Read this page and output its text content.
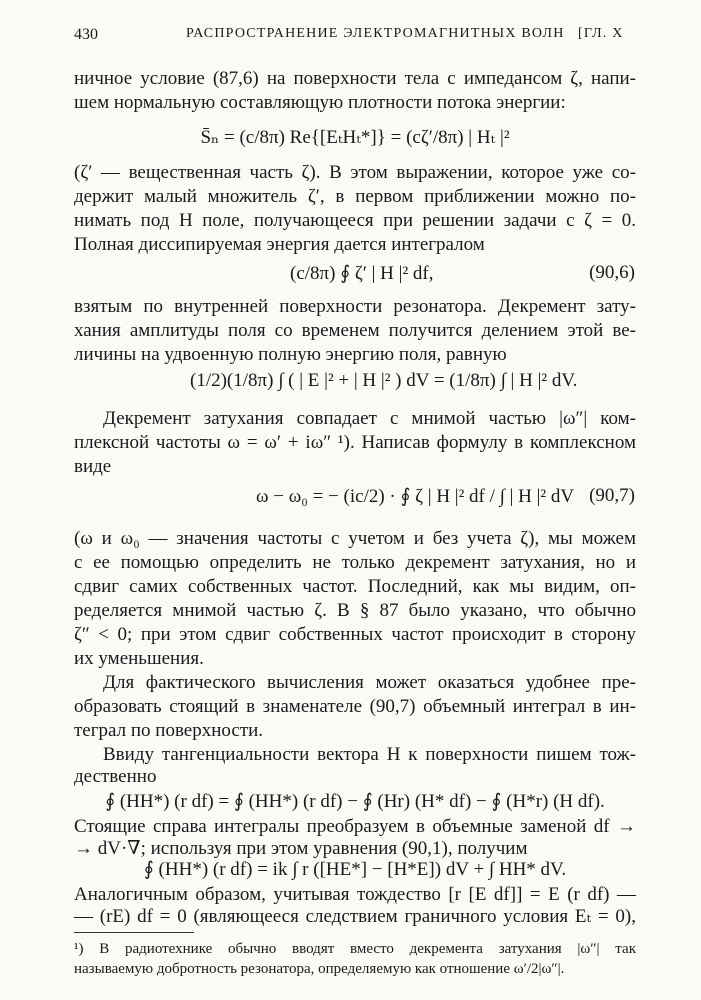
430	РАСПРОСТРАНЕНИЕ ЭЛЕКТРОМАГНИТНЫХ ВОЛН [ГЛ. X
ничное условие (87,6) на поверхности тела с импедансом ζ, напи-
шем нормальную составляющую плотности потока энергии:
S̄ₙ = (c/8π) Re{[EₜHₜ*]} = (cζ′/8π) | Hₜ |²
(ζ′ — вещественная часть ζ). В этом выражении, которое уже со-
держит малый множитель ζ′, в первом приближении можно по-
нимать под H поле, получающееся при решении задачи с ζ = 0.
Полная диссипируемая энергия дается интегралом
(c/8π) ∮ ζ′ | H |² df,	(90,6)
взятым по внутренней поверхности резонатора. Декремент зату-
хания амплитуды поля со временем получится делением этой ве-
личины на удвоенную полную энергию поля, равную
(1/2)(1/8π) ∫ ( | E |² + | H |² ) dV = (1/8π) ∫ | H |² dV.
Декремент затухания совпадает с мнимой частью |ω″| ком-
плексной частоты ω = ω′ + iω″ ¹). Написав формулу в комплексном
виде
ω − ω₀ = − (ic/2) · ∮ ζ | H |² df / ∫ | H |² dV (90,7)
(ω и ω₀ — значения частоты с учетом и без учета ζ), мы можем
с ее помощью определить не только декремент затухания, но и
сдвиг самих собственных частот. Последний, как мы видим, оп-
ределяется мнимой частью ζ. В § 87 было указано, что обычно
ζ″ < 0; при этом сдвиг собственных частот происходит в сторону
их уменьшения.
Для фактического вычисления может оказаться удобнее пре-
образовать стоящий в знаменателе (90,7) объемный интеграл в ин-
теграл по поверхности.
Ввиду тангенциальности вектора H к поверхности пишем тож-
дественно
∮ (HH*) (r df) = ∮ (HH*) (r df) − ∮ (Hr) (H* df) − ∮ (H*r) (H df).
Стоящие справа интегралы преобразуем в объемные заменой df →
→ dV·∇; используя при этом уравнения (90,1), получим
∮ (HH*) (r df) = ik ∫ r ([HE*] − [H*E]) dV + ∫ HH* dV.
Аналогичным образом, учитывая тождество [r [E df]] = E (r df) —
¹) В радиотехнике обычно вводят вместо декремента затухания |ω″| так
называемую добротность резонатора, определяемую как отношение ω′/2|ω″|.
— (rE) df = 0 (являющееся следствием граничного условия Eₜ = 0),
